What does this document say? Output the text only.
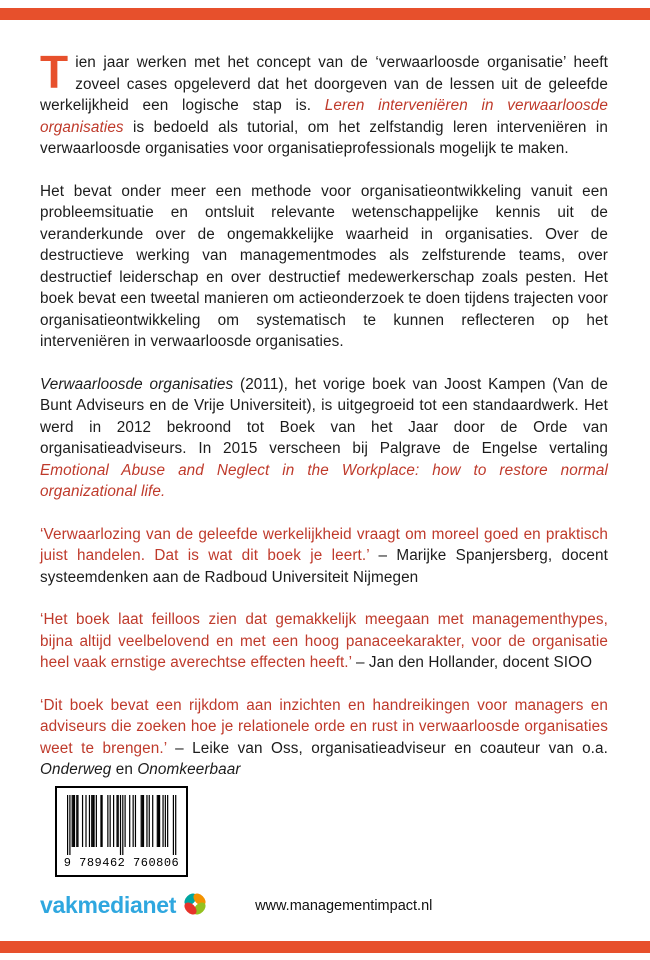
Tien jaar werken met het concept van de ‘verwaarloosde organisatie’ heeft zoveel cases opgeleverd dat het doorgeven van de lessen uit de geleefde werkelijkheid een logische stap is. Leren interveniëren in verwaarloosde organisaties is bedoeld als tutorial, om het zelfstandig leren interveniëren in verwaarloosde organisaties voor organisatieprofessionals mogelijk te maken.

Het bevat onder meer een methode voor organisatieontwikkeling vanuit een probleemsituatie en ontsluit relevante wetenschappelijke kennis uit de veranderkunde over de ongemakkelijke waarheid in organisaties. Over de destructieve werking van managementmodes als zelfsturende teams, over destructief leiderschap en over destructief medewerkerschap zoals pesten. Het boek bevat een tweetal manieren om actieonderzoek te doen tijdens trajecten voor organisatieontwikkeling om systematisch te kunnen reflecteren op het interveniëren in verwaarloosde organisaties.

Verwaarloosde organisaties (2011), het vorige boek van Joost Kampen (Van de Bunt Adviseurs en de Vrije Universiteit), is uitgegroeid tot een standaardwerk. Het werd in 2012 bekroond tot Boek van het Jaar door de Orde van organisatieadviseurs. In 2015 verscheen bij Palgrave de Engelse vertaling Emotional Abuse and Neglect in the Workplace: how to restore normal organizational life.

‘Verwaarlozing van de geleefde werkelijkheid vraagt om moreel goed en praktisch juist handelen. Dat is wat dit boek je leert.’ – Marijke Spanjersberg, docent systeemdenken aan de Radboud Universiteit Nijmegen

‘Het boek laat feilloos zien dat gemakkelijk meegaan met managementhypes, bijna altijd veelbelovend en met een hoog panaceekarakter, voor de organisatie heel vaak ernstige averechtse effecten heeft.’ – Jan den Hollander, docent SIOO

‘Dit boek bevat een rijkdom aan inzichten en handreikingen voor managers en adviseurs die zoeken hoe je relationele orde en rust in verwaarloosde organisaties weet te brengen.’ – Leike van Oss, organisatieadviseur en coauteur van o.a. Onderweg en Onomkeerbaar

9 789462 760806
vakmedianet	www.managementimpact.nl
